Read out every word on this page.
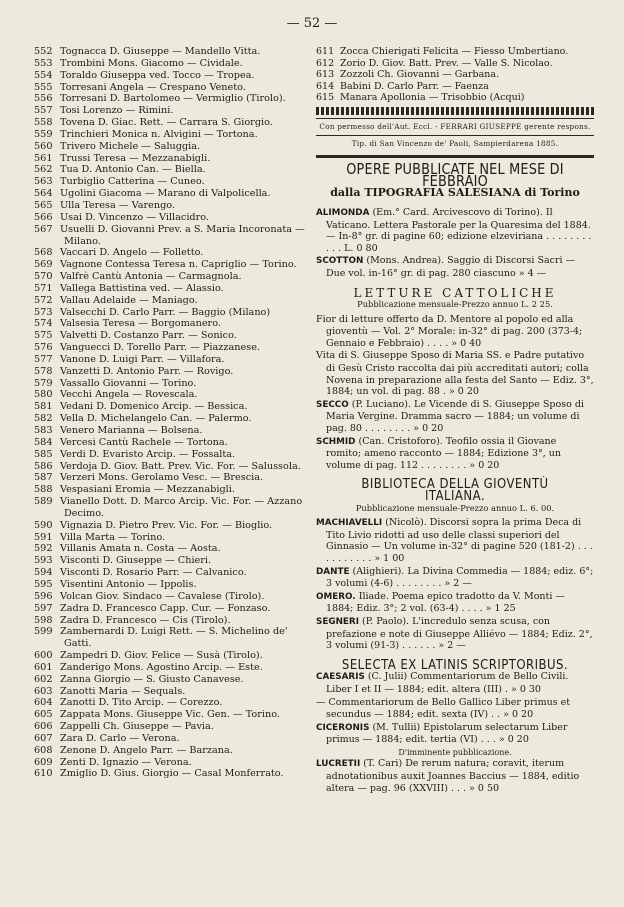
— 52 —

552 Tognacca D. Giuseppe — Mandello Vitta.

553 Trombini Mons. Giacomo — Cividale.

554 Toraldo Giuseppa ved. Tocco — Tropea.

555 Torresani Angela — Crespano Veneto.

556 Torresani D. Bartolomeo — Vermiglio (Tirolo).

557 Tosi Lorenzo — Rimini.

558 Tovena D. Giac. Rett. — Carrara S. Giorgio.

559 Trinchieri Monica n. Alvigini — Tortona.

560 Trivero Michele — Saluggia.

561 Trussi Teresa — Mezzanabigli.

562 Tua D. Antonio Can. — Biella.

563 Turbiglio Catterina — Cuneo.

564 Ugolini Giacoma — Marano di Valpolicella.

565 Ulla Teresa — Varengo.

566 Usai D. Vincenzo — Villacidro.

567 Usuelli D. Giovanni Prev. a S. Maria Incoronata — Milano.

568 Vaccari D. Angelo — Folletto.

569 Vagnone Contessa Teresa n. Capriglio — Torino.

570 Valfrè Cantù Antonia — Carmagnola.

571 Vallega Battistina ved. — Alassio.

572 Vallau Adelaide — Maniago.

573 Valsecchi D. Carlo Parr. — Baggio (Milano)

574 Valsesia Teresa — Borgomanero.

575 Valvetti D. Costanzo Parr. — Sonico.

576 Vanguecci D. Torello Parr. — Piazzanese.

577 Vanone D. Luigi Parr. — Villafora.

578 Vanzetti D. Antonio Parr. — Rovigo.

579 Vassallo Giovanni — Torino.

580 Vecchi Angela — Rovescala.

581 Vedani D. Domenico Arcip. — Bessica.

582 Vella D. Michelangelo Can. — Palermo.

583 Venero Marianna — Bolsena.

584 Vercesi Cantù Rachele — Tortona.

585 Verdi D. Evaristo Arcip. — Fossalta.

586 Verdoja D. Giov. Batt. Prev. Vic. For. — Salussola.

587 Verzeri Mons. Gerolamo Vesc. — Brescia.

588 Vespasiani Eromia — Mezzanabigli.

589 Vianello Dott. D. Marco Arcip. Vic. For. — Azzano Decimo.

590 Vignazia D. Pietro Prev. Vic. For. — Bioglio.

591 Villa Marta — Torino.

592 Villanis Amata n. Costa — Aosta.

593 Visconti D. Giuseppe — Chieri.

594 Visconti D. Rosario Parr. — Calvanico.

595 Visentini Antonio — Ippolis.

596 Volcan Giov. Sindaco — Cavalese (Tirolo).

597 Zadra D. Francesco Capp. Cur. — Fonzaso.

598 Zadra D. Francesco — Cis (Tirolo).

599 Zambernardi D. Luigi Rett. — S. Michelino de' Gatti.

600 Zampedri D. Giov. Felice — Susà (Tirolo).

601 Zanderigo Mons. Agostino Arcip. — Este.

602 Zanna Giorgio — S. Giusto Canavese.

603 Zanotti Maria — Sequals.

604 Zanotti D. Tito Arcip. — Corezzo.

605 Zappata Mons. Giuseppe Vic. Gen. — Torino.

606 Zappelli Ch. Giuseppe — Pavia.

607 Zara D. Carlo — Verona.

608 Zenone D. Angelo Parr. — Barzana.

609 Zenti D. Ignazio — Verona.

610 Zmiglio D. Gius. Giorgio — Casal Monferrato.

611 Zocca Chierigati Felicita — Fiesso Umbertiano.

612 Zorio D. Giov. Batt. Prev. — Valle S. Nicolao.

613 Zozzoli Ch. Giovanni — Garbana.

614 Babini D. Carlo Parr. — Faenza

615 Manara Apollonia — Trisobbio (Acqui)

Con permesso dell'Aut. Eccl. - FERRARI GIUSEPPE gerente respons.
Tip. di San Vincenzo de' Paoli, Sampierdarena 1885.
OPERE PUBBLICATE NEL MESE DI FEBBRAIO
dalla TIPOGRAFIA SALESIANA di Torino
ALIMONDA (Em.° Card. Arcivescovo di Torino). Il Vaticano. Lettera Pastorale per la Quaresima del 1884. — In-8° gr. di pagine 60; edizione elzeviriana . . . . . . . . . . . L. 0 80
SCOTTON (Mons. Andrea). Saggio di Discorsi Sacri — Due vol. in-16° gr. di pag. 280 ciascuno » 4 —
LETTURE CATTOLICHE
Pubblicazione mensuale-Prezzo annuo L. 2 25.
Fior di letture offerto da D. Mentore al popolo ed alla gioventù — Vol. 2° Morale: in-32° di pag. 200 (373-4; Gennaio e Febbraio) . . . . » 0 40
Vita di S. Giuseppe Sposo di Maria SS. e Padre putativo di Gesù Cristo raccolta dai più accreditati autori; colla Novena in preparazione alla festa del Santo — Ediz. 3°, 1884; un vol. di pag. 88 . » 0 20
SECCO (P. Luciano). Le Vicende di S. Giuseppe Sposo di Maria Vergine. Dramma sacro — 1884; un volume di pag. 80 . . . . . . . . » 0 20
SCHMID (Can. Cristoforo). Teofilo ossia il Giovane romito; ameno racconto — 1884; Edizione 3°, un volume di pag. 112 . . . . . . . . » 0 20
BIBLIOTECA DELLA GIOVENTÙ ITALIANA.
Pubblicazione mensuale-Prezzo annuo L. 6. 00.
MACHIAVELLI (Nicolò). Discorsi sopra la prima Deca di Tito Livio ridotti ad uso delle classi superiori del Ginnasio — Un volume in-32° di pagine 520 (181-2) . . . . . . . . . . . » 1 00
DANTE (Alighieri). La Divina Commedia — 1884; ediz. 6°; 3 volumi (4-6) . . . . . . . . » 2 —
OMERO. Iliade. Poema epico tradotto da V. Monti — 1884; Ediz. 3°; 2 vol. (63-4) . . . . » 1 25
SEGNERI (P. Paolo). L'incredulo senza scusa, con prefazione e note di Giuseppe Alliévo — 1884; Ediz. 2°, 3 volumi (91-3) . . . . . . » 2 —
SELECTA EX LATINIS SCRIPTORIBUS.
CAESARIS (C. Julii) Commentariorum de Bello Civili. Liber I et II — 1884; edit. altera (III) . » 0 30
— Commentariorum de Bello Gallico Liber primus et secundus — 1884; edit. sexta (IV) . . » 0 20
CICERONIS (M. Tullii) Epistolarum selectarum Liber primus — 1884; edit. tertia (VI) . . . » 0 20
D'imminente pubblicazione.
LUCRETII (T. Cari) De rerum natura; coravit, iterum adnotationibus auxit Joannes Baccius — 1884, editio altera — pag. 96 (XXVIII) . . . » 0 50
